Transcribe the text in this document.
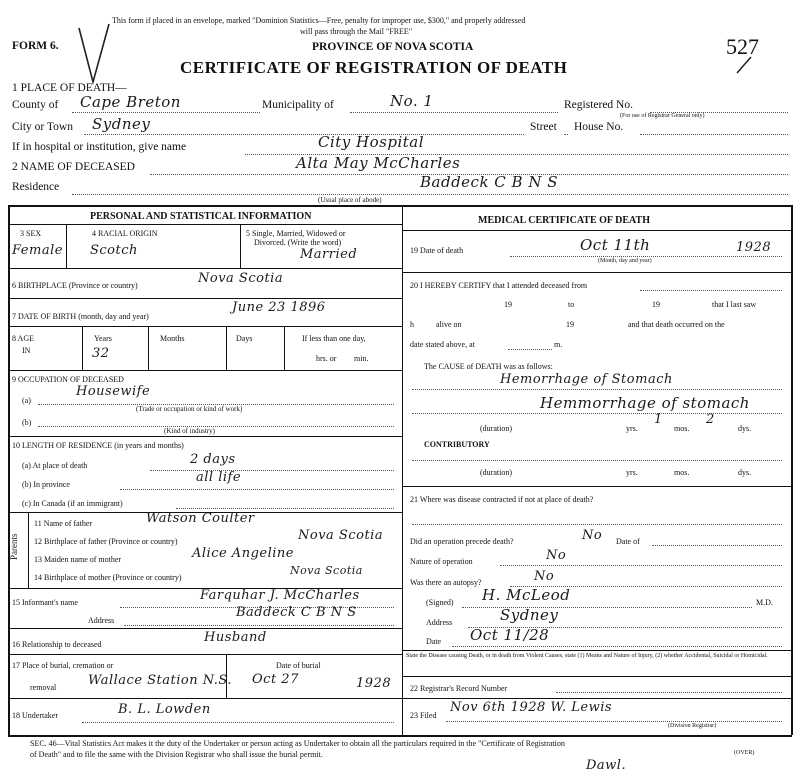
This form if placed in an envelope, marked "Dominion Statistics—Free, penalty for improper use, $300," and properly addressed
will pass through the Mail "FREE"
FORM 6.	PROVINCE OF NOVA SCOTIA	527
CERTIFICATE OF REGISTRATION OF DEATH
1 PLACE OF DEATH—
County of Cape Breton	Municipality of	No. 1	Registered No.
(For use of Registrar General only)
City or Town Sydney	Street House No.
If in hospital or institution, give name	City Hospital
2 NAME OF DECEASED	Alta May McCharles
Residence	Baddeck C B N S
(Usual place of abode)
PERSONAL AND STATISTICAL INFORMATION
3 SEX
Female
4 RACIAL ORIGIN
Scotch
5 Single, Married, Widowed or
Divorced. (Write the word)
Married
6 BIRTHPLACE (Province or country)	Nova Scotia
7 DATE OF BIRTH (month, day and year)
June 23 1896
8 AGE
IN
Years
32
Months	Days	If less than one day,
hrs. or min.
9 OCCUPATION OF DECEASED
(a)
Housewife
(Trade or occupation or kind of work)
(b)
(Kind of industry)
10 LENGTH OF RESIDENCE (in years and months)
(a) At place of death	2 days
(b) In province	all life
(c) In Canada (if an immigrant)
Parents
11 Name of father	Watson Coulter
12 Birthplace of father (Province or country)	Nova Scotia
13 Maiden name of mother	Alice Angeline
14 Birthplace of mother (Province or country)
Nova Scotia
15 Informant's name	Farquhar J. McCharles
Address
Baddeck C B N S
16 Relationship to deceased	Husband
17 Place of burial, cremation or
removal Wallace Station N.S.
Date of burial
Oct 27	1928
18 Undertaker	B. L. Lowden
MEDICAL CERTIFICATE OF DEATH
19 Date of death	Oct 11th	1928
(Month, day and year)
20 I HEREBY CERTIFY that I attended deceased from
19	to	19	that I last saw
h	alive on	19	and that death occurred on the
date stated above, at	m.
The CAUSE of DEATH was as follows:
Hemorrhage of Stomach
Hemmorrhage of stomach
(duration)	yrs.
1
mos.
2
dys.
CONTRIBUTORY
(duration)	yrs.	mos.	dys.
21 Where was disease contracted if not at place of death?
Did an operation precede death?	No Date of
Nature of operation	No
Was there an autopsy?	No
(Signed) H. McLeod	M.D.
Address	Sydney
Date Oct 11/28
State the Disease causing Death, or in death from Violent Causes, state (1) Means and Nature of Injury, (2) whether Accidental, Suicidal or Homicidal.
22 Registrar's Record Number
23 Filed
Nov 6th 1928 W. Lewis
(Division Registrar)
SEC. 46—Vital Statistics Act makes it the duty of the Undertaker or person acting as Undertaker to obtain all the particulars required in the "Certificate of Registration
of Death" and to file the same with the Division Registrar who shall issue the burial permit.	(OVER)
Dawl.
